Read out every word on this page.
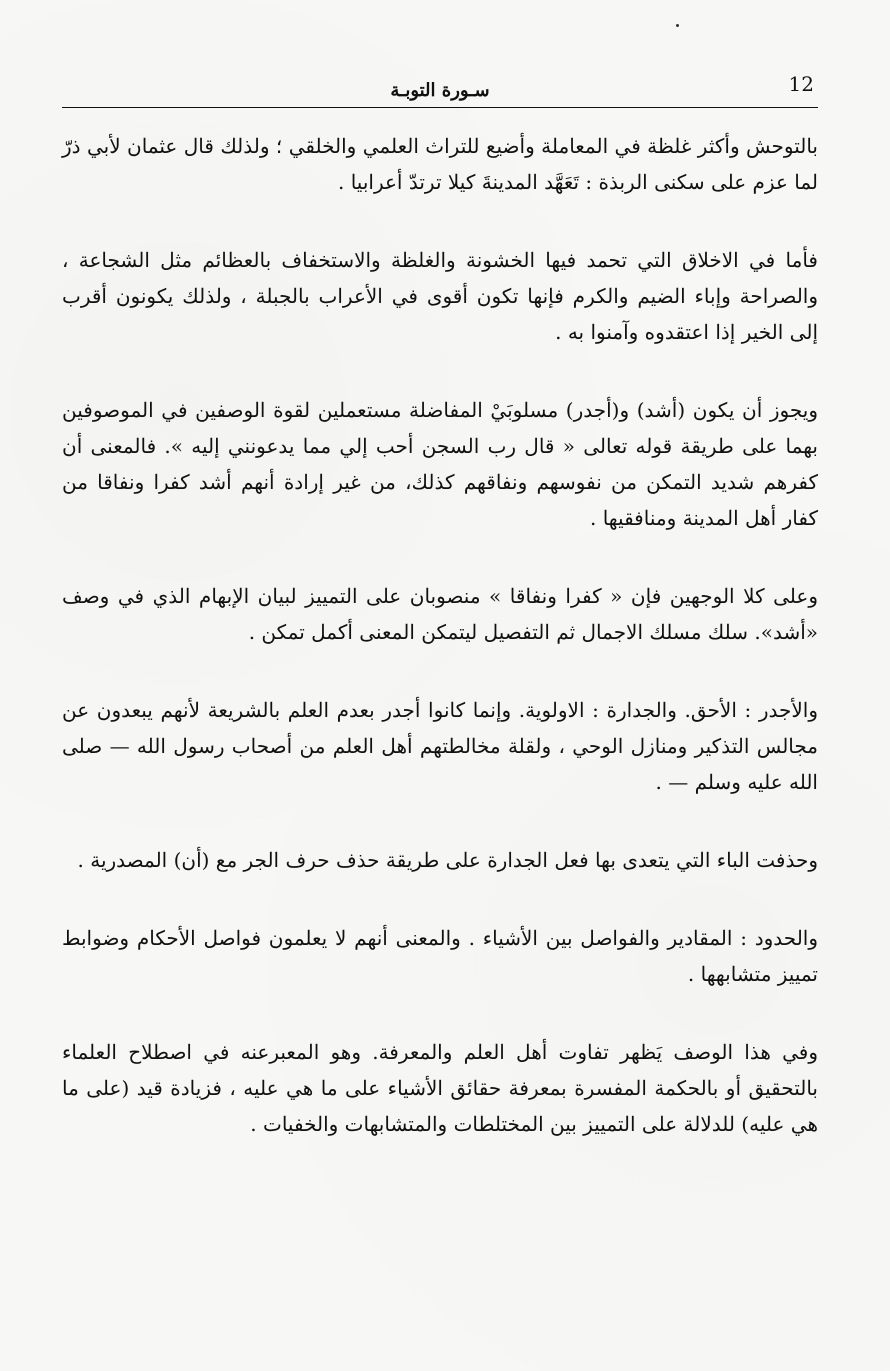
12
سـورة التوبـة

بالتوحش وأكثر غلظة في المعاملة وأضيع للتراث العلمي والخلقي ؛ ولذلك قال عثمان لأبي ذرّ لما عزم على سكنى الربذة : تَعَهَّد المدينةَ كيلا ترتدّ أعرابيا .

فأما في الاخلاق التي تحمد فيها الخشونة والغلظة والاستخفاف بالعظائم مثل الشجاعة ، والصراحة وإباء الضيم والكرم فإنها تكون أقوى في الأعراب بالجبلة ، ولذلك يكونون أقرب إلى الخير إذا اعتقدوه وآمنوا به .

ويجوز أن يكون (أشد) و(أجدر) مسلوبَيْ المفاضلة مستعملين لقوة الوصفين في الموصوفين بهما على طريقة قوله تعالى « قال رب السجن أحب إلي مما يدعونني إليه ». فالمعنى أن كفرهم شديد التمكن من نفوسهم ونفاقهم كذلك، من غير إرادة أنهم أشد كفرا ونفاقا من كفار أهل المدينة ومنافقيها .

وعلى كلا الوجهين فإن « كفرا ونفاقا » منصوبان على التمييز لبيان الإبهام الذي في وصف «أشد». سلك مسلك الاجمال ثم التفصيل ليتمكن المعنى أكمل تمكن .

والأجدر : الأحق. والجدارة : الاولوية. وإنما كانوا أجدر بعدم العلم بالشريعة لأنهم يبعدون عن مجالس التذكير ومنازل الوحي ، ولقلة مخالطتهم أهل العلم من أصحاب رسول الله — صلى الله عليه وسلم — .

وحذفت الباء التي يتعدى بها فعل الجدارة على طريقة حذف حرف الجر مع (أن) المصدرية .

والحدود : المقادير والفواصل بين الأشياء . والمعنى أنهم لا يعلمون فواصل الأحكام وضوابط تمييز متشابهها .

وفي هذا الوصف يَظهر تفاوت أهل العلم والمعرفة. وهو المعبرعنه في اصطلاح العلماء بالتحقيق أو بالحكمة المفسرة بمعرفة حقائق الأشياء على ما هي عليه ، فزيادة قيد (على ما هي عليه) للدلالة على التمييز بين المختلطات والمتشابهات والخفيات .
